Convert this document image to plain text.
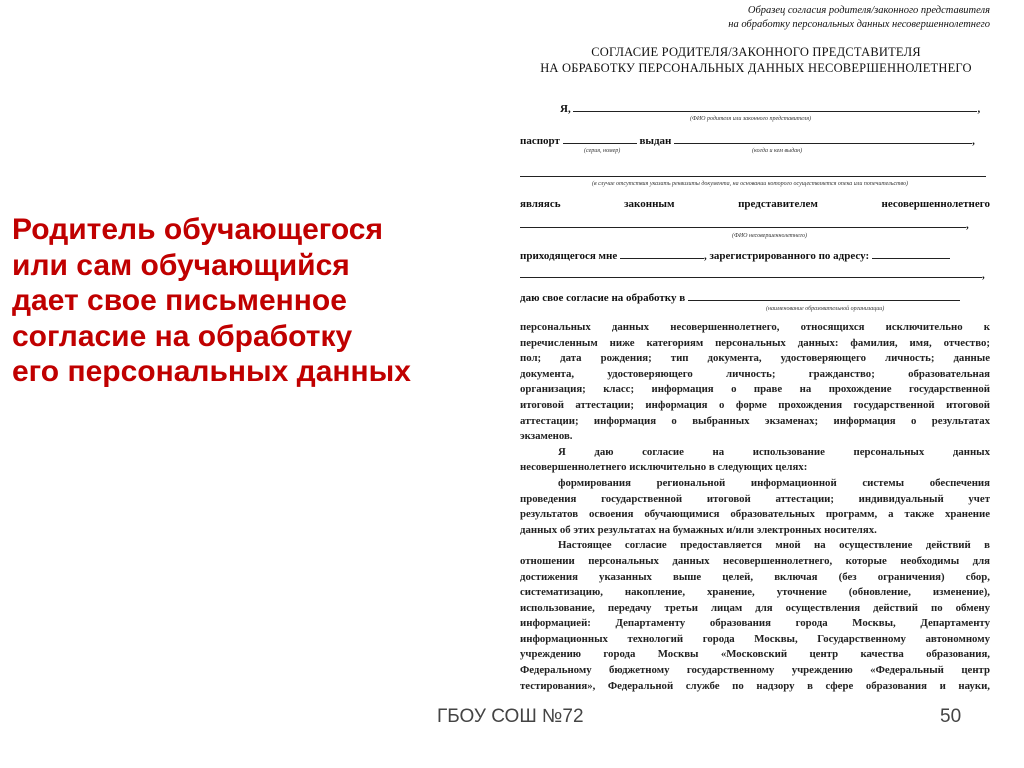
Родитель обучающегося
или сам обучающийся
дает свое письменное
согласие на обработку
его персональных данных
Образец согласия родителя/законного представителя
на обработку персональных данных несовершеннолетнего
СОГЛАСИЕ РОДИТЕЛЯ/ЗАКОННОГО ПРЕДСТАВИТЕЛЯ
НА ОБРАБОТКУ ПЕРСОНАЛЬНЫХ ДАННЫХ НЕСОВЕРШЕННОЛЕТНЕГО
Я,	,
(ФИО родителя или законного представителя)
паспорт	выдан	,
(серия, номер)	(когда и кем выдан)
(в случае отсутствия указать реквизиты документа, на основании которого осуществляется опека или попечительство)
являясь	законным	представителем	несовершеннолетнего
,
(ФИО несовершеннолетнего)
приходящегося мне	, зарегистрированного по адресу:
,
даю свое согласие на обработку в
(наименование образовательной организации)
персональных данных несовершеннолетнего, относящихся исключительно к
перечисленным ниже категориям персональных данных: фамилия, имя, отчество;
пол; дата рождения; тип документа, удостоверяющего личность; данные
документа, удостоверяющего личность; гражданство; образовательная
организация; класс; информация о праве на прохождение государственной
итоговой аттестации; информация о форме прохождения государственной итоговой
аттестации; информация о выбранных экзаменах; информация о результатах
экзаменов.
Я даю согласие на использование персональных данных
несовершеннолетнего исключительно в следующих целях:
формирования региональной информационной системы обеспечения
проведения государственной итоговой аттестации; индивидуальный учет
результатов освоения обучающимися образовательных программ, а также хранение
данных об этих результатах на бумажных и/или электронных носителях.
Настоящее согласие предоставляется мной на осуществление действий в
отношении персональных данных несовершеннолетнего, которые необходимы для
достижения указанных выше целей, включая (без ограничения) сбор,
систематизацию, накопление, хранение, уточнение (обновление, изменение),
использование, передачу третьи лицам для осуществления действий по обмену
информацией: Департаменту образования города Москвы, Департаменту
информационных технологий города Москвы, Государственному автономному
учреждению города Москвы «Московский центр качества образования,
Федеральному бюджетному государственному учреждению «Федеральный центр
тестирования», Федеральной службе по надзору в сфере образования и науки,
ГБОУ СОШ №72	50
